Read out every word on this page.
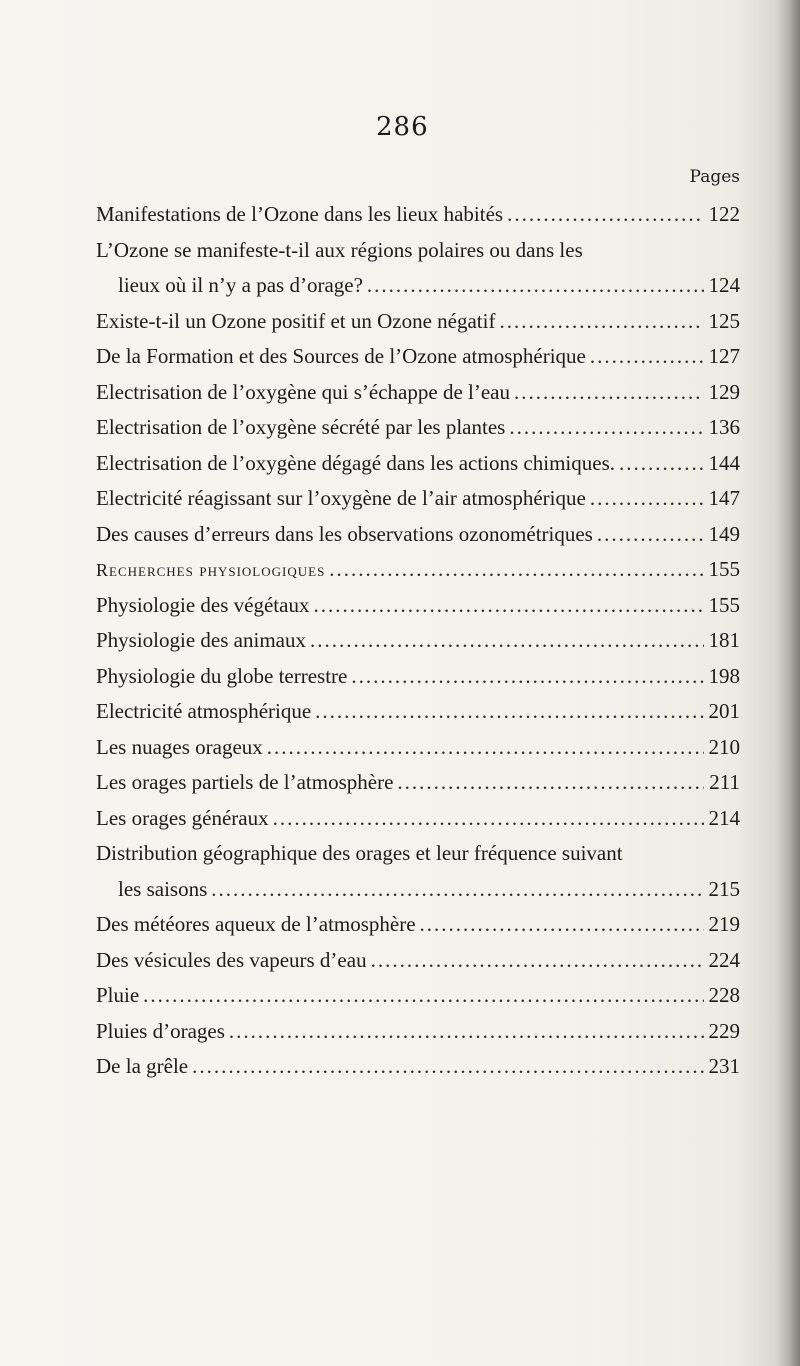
286
Pages
Manifestations de l’Ozone dans les lieux habités .....	122
L’Ozone se manifeste-t-il aux régions polaires ou dans les
lieux où il n’y a pas d’orage? .....	124
Existe-t-il un Ozone positif et un Ozone négatif .....	125
De la Formation et des Sources de l’Ozone atmosphérique .....	127
Electrisation de l’oxygène qui s’échappe de l’eau .....	129
Electrisation de l’oxygène sécrété par les plantes .....	136
Electrisation de l’oxygène dégagé dans les actions chimiques. .....	144
Electricité réagissant sur l’oxygène de l’air atmosphérique .....	147
Des causes d’erreurs dans les observations ozonométriques .....	149
Recherches physiologiques .....	155
Physiologie des végétaux .....	155
Physiologie des animaux .....	181
Physiologie du globe terrestre .....	198
Electricité atmosphérique .....	201
Les nuages orageux .....	210
Les orages partiels de l’atmosphère .....	211
Les orages généraux .....	214
Distribution géographique des orages et leur fréquence suivant
les saisons .....	215
Des météores aqueux de l’atmosphère .....	219
Des vésicules des vapeurs d’eau .....	224
Pluie .....	228
Pluies d’orages .....	229
De la grêle .....	231
